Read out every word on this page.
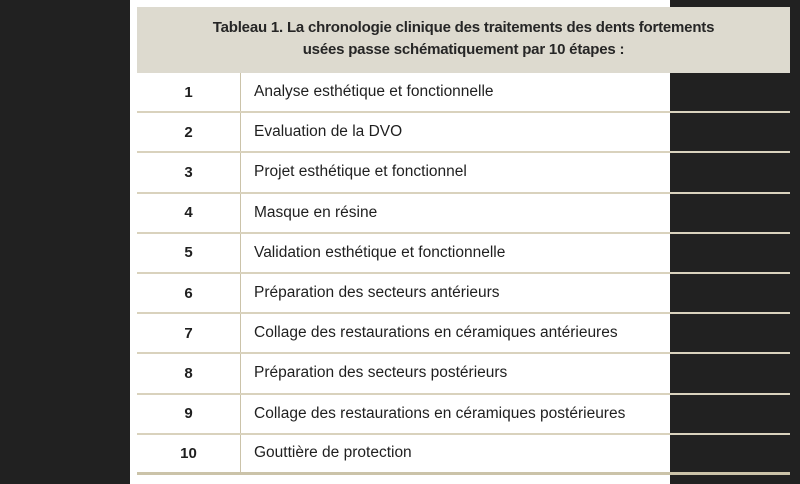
Tableau 1. La chronologie clinique des traitements des dents fortements
usées passe schématiquement par 10 étapes :
1	Analyse esthétique et fonctionnelle
2	Evaluation de la DVO
3	Projet esthétique et fonctionnel
4	Masque en résine
5	Validation esthétique et fonctionnelle
6	Préparation des secteurs antérieurs
7	Collage des restaurations en céramiques antérieures
8	Préparation des secteurs postérieurs
9	Collage des restaurations en céramiques postérieures
10	Gouttière de protection
